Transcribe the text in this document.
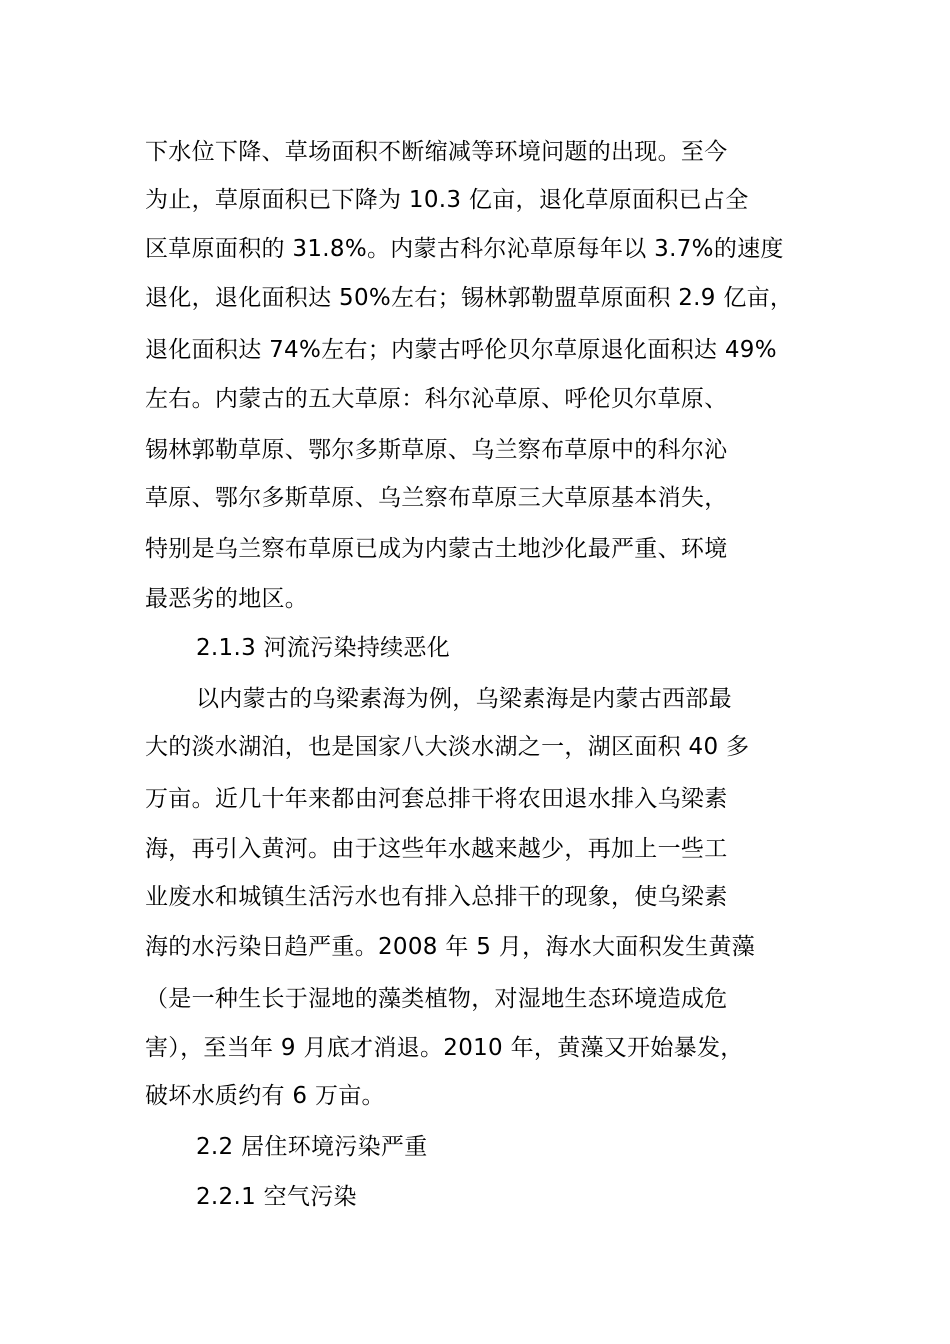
下水位下降、草场面积不断缩减等环境问题的出现。至今
为止，草原面积已下降为 10.3 亿亩，退化草原面积已占全
区草原面积的 31.8%。内蒙古科尔沁草原每年以 3.7%的速度
退化，退化面积达 50%左右；锡林郭勒盟草原面积 2.9 亿亩，
退化面积达 74%左右；内蒙古呼伦贝尔草原退化面积达 49%
左右。内蒙古的五大草原：科尔沁草原、呼伦贝尔草原、
锡林郭勒草原、鄂尔多斯草原、乌兰察布草原中的科尔沁
草原、鄂尔多斯草原、乌兰察布草原三大草原基本消失，
特别是乌兰察布草原已成为内蒙古土地沙化最严重、环境
最恶劣的地区。
2.1.3 河流污染持续恶化
以内蒙古的乌梁素海为例，乌梁素海是内蒙古西部最
大的淡水湖泊，也是国家八大淡水湖之一，湖区面积 40 多
万亩。近几十年来都由河套总排干将农田退水排入乌梁素
海，再引入黄河。由于这些年水越来越少，再加上一些工
业废水和城镇生活污水也有排入总排干的现象，使乌梁素
海的水污染日趋严重。2008 年 5 月，海水大面积发生黄藻
（是一种生长于湿地的藻类植物，对湿地生态环境造成危
害），至当年 9 月底才消退。2010 年，黄藻又开始暴发，
破坏水质约有 6 万亩。
2.2 居住环境污染严重
2.2.1 空气污染
